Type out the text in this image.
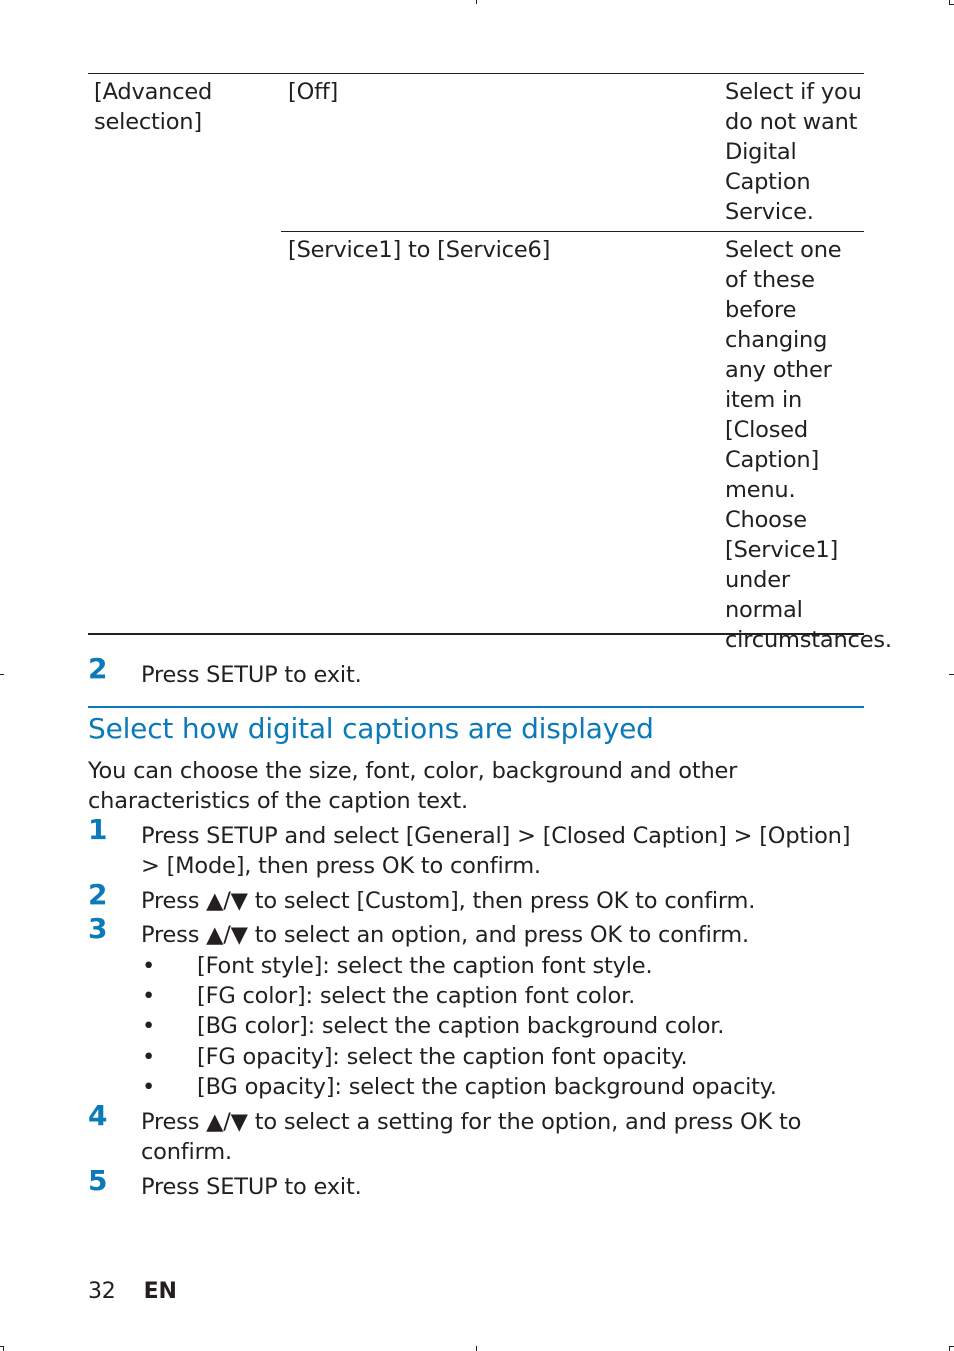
[Advanced selection]
[Off]	Select if you do not want Digital Caption Service.
[Service1] to [Service6]	Select one of these before changing any other item in [Closed Caption] menu. Choose [Service1] under normal circumstances.
2 Press SETUP to exit.
Select how digital captions are displayed
You can choose the size, font, color, background and other characteristics of the caption text.
1 Press SETUP and select [General] > [Closed Caption] > [Option] > [Mode], then press OK to confirm.
2 Press ▲/▼ to select [Custom], then press OK to confirm.
3 Press ▲/▼ to select an option, and press OK to confirm.
• [Font style]: select the caption font style.
• [FG color]: select the caption font color.
• [BG color]: select the caption background color.
• [FG opacity]: select the caption font opacity.
• [BG opacity]: select the caption background opacity.
4 Press ▲/▼ to select a setting for the option, and press OK to confirm.
5 Press SETUP to exit.
32 EN
